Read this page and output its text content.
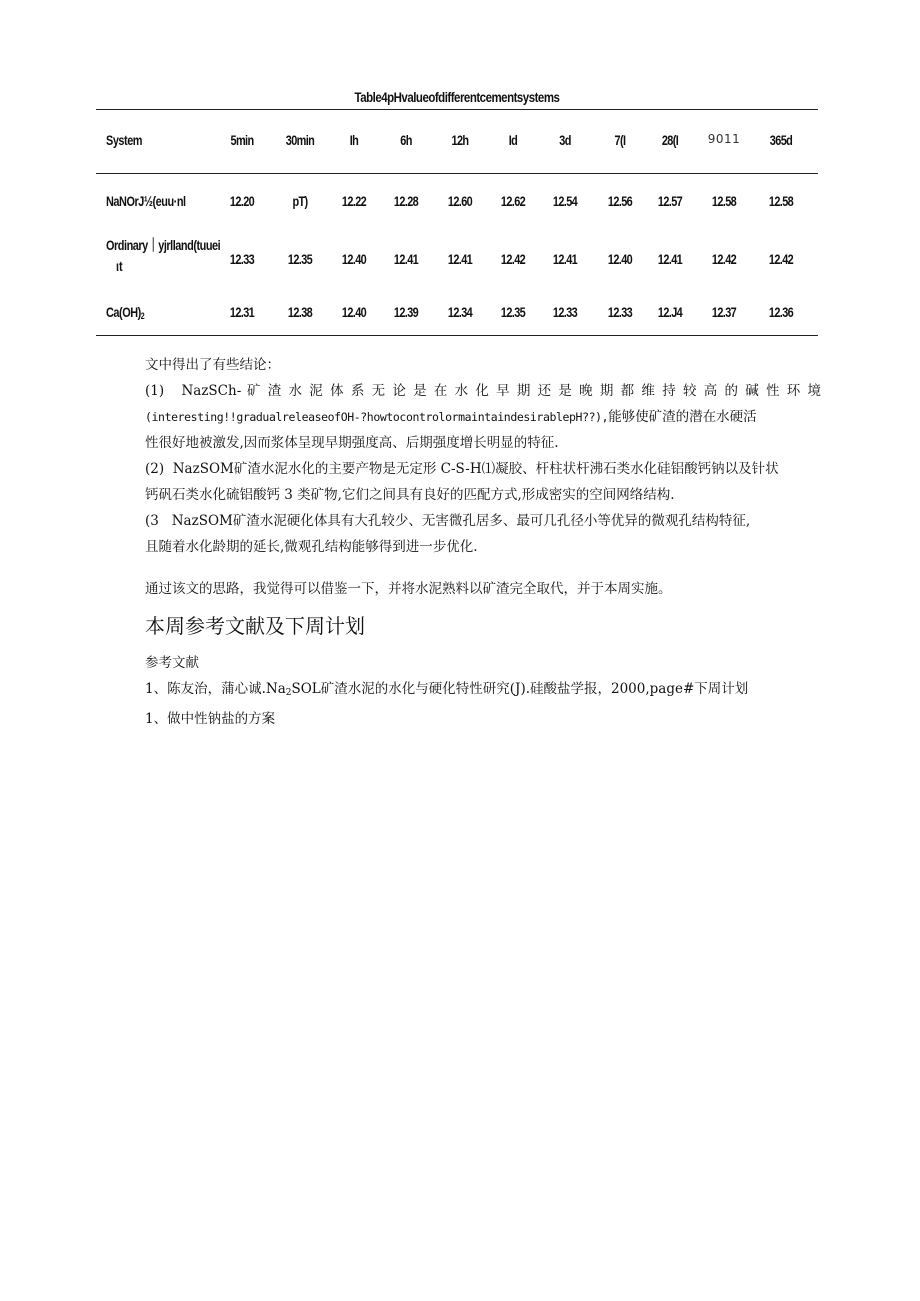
Table4pHvalueofdifferentcementsystems
System	5min	30min	Ih	6h	12h	Id	3d	7(I	28(I	9011	365d
NaNOrJ½(euu·nl	12.20	pT)	12.22	12.28	12.60	12.62	12.54	12.56	12.57	12.58	12.58
Ordinary｜yjrlland(tuuei
ιt	12.33	12.35	12.40	12.41	12.41	12.42	12.41	12.40	12.41	12.42	12.42
$Ca(OH)_2$	12.31	12.38	12.40	12.39	12.34	12.35	12.33	12.33	12.J4	12.37	12.36

文中得出了有些结论：

(1) NazSCh- 矿 渣 水 泥 体 系 无 论 是 在 水 化 早 期 还 是 晚 期 都 维 持 较 高 的 碱 性 环 境

(interesting!!gradualreleaseofOH-?howtocontrolormaintaindesirablepH??),能够使矿渣的潜在水硬活

性很好地被激发,因而浆体呈现早期强度高、后期强度增长明显的特征.

(2) NazSOM矿渣水泥水化的主要产物是无定形 C-S-H⑴凝胶、杆柱状杆沸石类水化硅铝酸钙钠以及针状

钙矾石类水化硫铝酸钙 3 类矿物,它们之间具有良好的匹配方式,形成密实的空间网络结构.

(3 NazSOM矿渣水泥硬化体具有大孔较少、无害微孔居多、最可几孔径小等优异的微观孔结构特征,

且随着水化龄期的延长,微观孔结构能够得到进一步优化.

通过该文的思路，我觉得可以借鉴一下，并将水泥熟料以矿渣完全取代，并于本周实施。
本周参考文献及下周计划

参考文献

1、陈友治，蒲心诚$.Na_2SOL$矿渣水泥的水化与硬化特性研究(J).硅酸盐学报，2000,page#下周计划

1、做中性钠盐的方案
